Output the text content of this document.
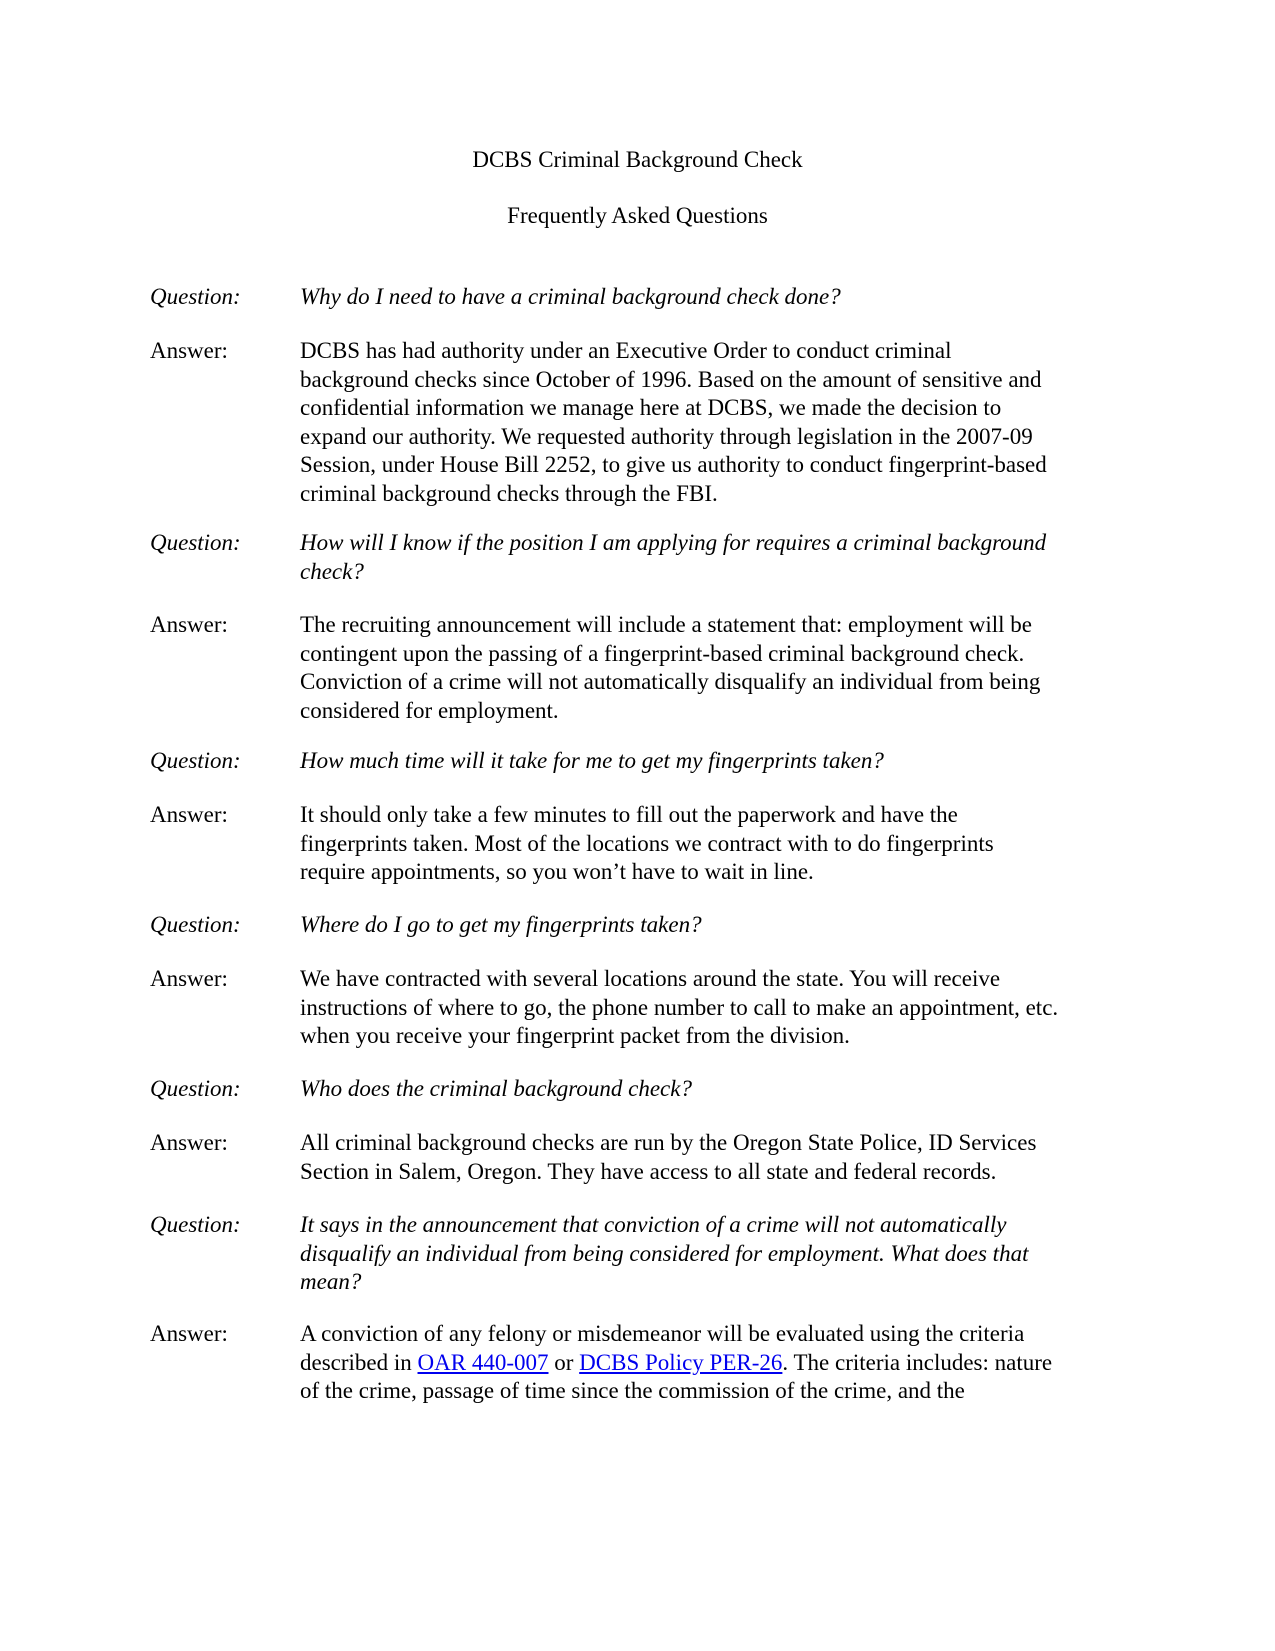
DCBS Criminal Background Check
Frequently Asked Questions
Question:	Why do I need to have a criminal background check done?
Answer:	DCBS has had authority under an Executive Order to conduct criminal
background checks since October of 1996. Based on the amount of sensitive and
confidential information we manage here at DCBS, we made the decision to
expand our authority. We requested authority through legislation in the 2007-09
Session, under House Bill 2252, to give us authority to conduct fingerprint-based
criminal background checks through the FBI.
Question:	How will I know if the position I am applying for requires a criminal background
check?
Answer:	The recruiting announcement will include a statement that: employment will be
contingent upon the passing of a fingerprint-based criminal background check.
Conviction of a crime will not automatically disqualify an individual from being
considered for employment.
Question:	How much time will it take for me to get my fingerprints taken?
Answer:	It should only take a few minutes to fill out the paperwork and have the
fingerprints taken. Most of the locations we contract with to do fingerprints
require appointments, so you won’t have to wait in line.
Question:	Where do I go to get my fingerprints taken?
Answer:	We have contracted with several locations around the state. You will receive
instructions of where to go, the phone number to call to make an appointment, etc.
when you receive your fingerprint packet from the division.
Question:	Who does the criminal background check?
Answer:	All criminal background checks are run by the Oregon State Police, ID Services
Section in Salem, Oregon. They have access to all state and federal records.
Question:	It says in the announcement that conviction of a crime will not automatically
disqualify an individual from being considered for employment. What does that
mean?
Answer:	A conviction of any felony or misdemeanor will be evaluated using the criteria
described in OAR 440-007 or DCBS Policy PER-26. The criteria includes: nature
of the crime, passage of time since the commission of the crime, and the
